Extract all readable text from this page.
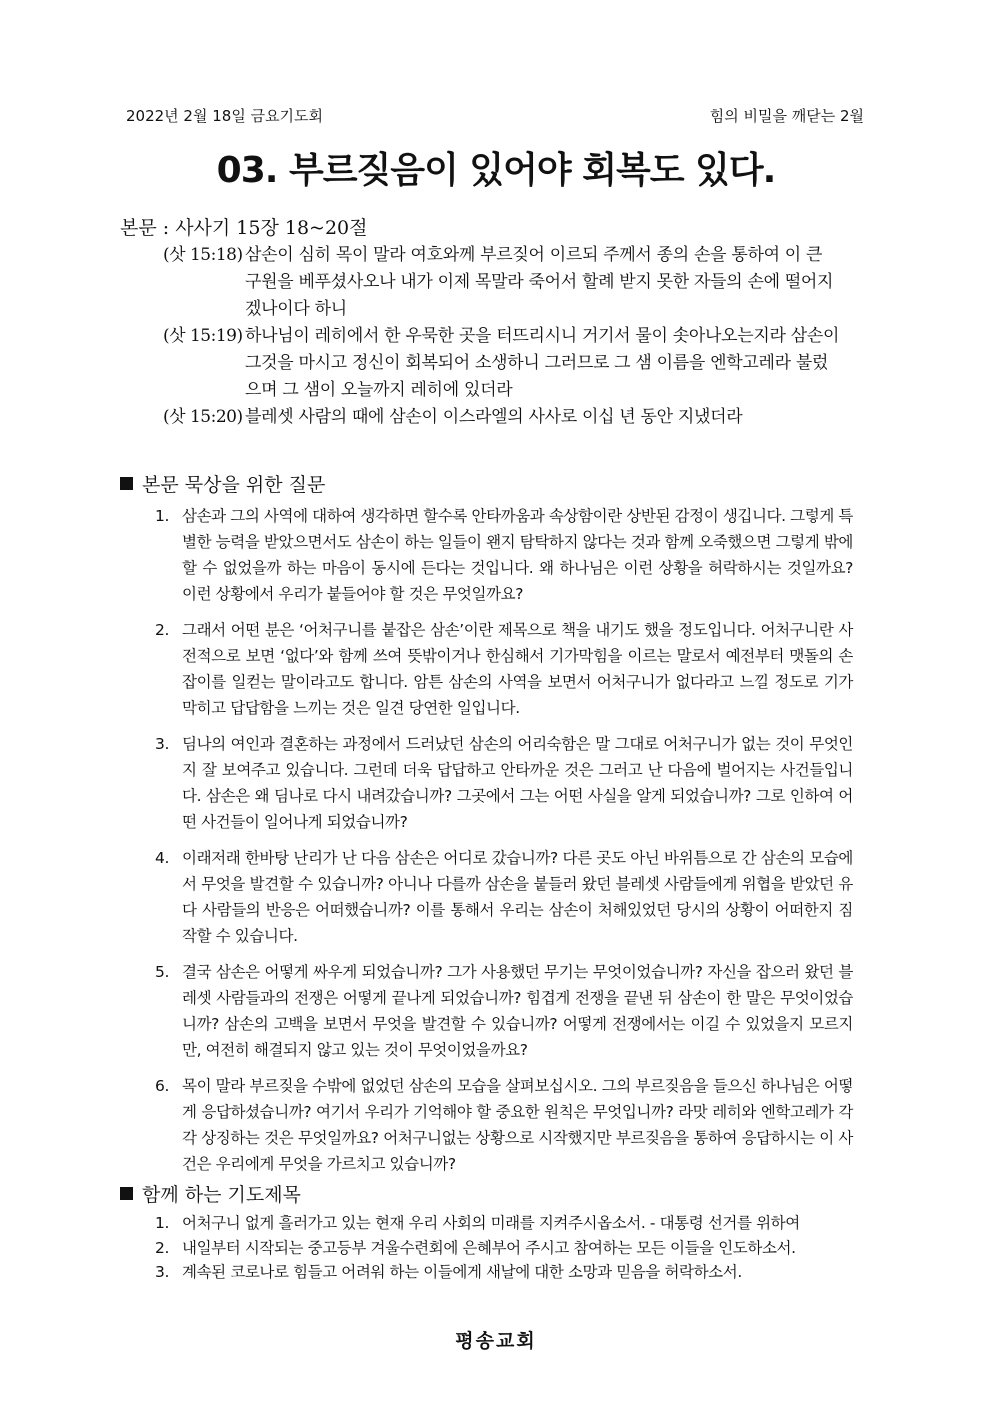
2022년 2월 18일 금요기도회	힘의 비밀을 깨닫는 2월
03. 부르짖음이 있어야 회복도 있다.
본문 : 사사기 15장 18~20절
(삿 15:18) 삼손이 심히 목이 말라 여호와께 부르짖어 이르되 주께서 종의 손을 통하여 이 큰 구원을 베푸셨사오나 내가 이제 목말라 죽어서 할례 받지 못한 자들의 손에 떨어지겠나이다 하니
(삿 15:19) 하나님이 레히에서 한 우묵한 곳을 터뜨리시니 거기서 물이 솟아나오는지라 삼손이 그것을 마시고 정신이 회복되어 소생하니 그러므로 그 샘 이름을 엔학고레라 불렀으며 그 샘이 오늘까지 레히에 있더라
(삿 15:20) 블레셋 사람의 때에 삼손이 이스라엘의 사사로 이십 년 동안 지냈더라
본문 묵상을 위한 질문
1. 삼손과 그의 사역에 대하여 생각하면 할수록 안타까움과 속상함이란 상반된 감정이 생깁니다. 그렇게 특별한 능력을 받았으면서도 삼손이 하는 일들이 왠지 탐탁하지 않다는 것과 함께 오죽했으면 그렇게 밖에 할 수 없었을까 하는 마음이 동시에 든다는 것입니다. 왜 하나님은 이런 상황을 허락하시는 것일까요? 이런 상황에서 우리가 붙들어야 할 것은 무엇일까요?
2. 그래서 어떤 분은 ‘어처구니를 붙잡은 삼손’이란 제목으로 책을 내기도 했을 정도입니다. 어처구니란 사전적으로 보면 ‘없다’와 함께 쓰여 뜻밖이거나 한심해서 기가막힘을 이르는 말로서 예전부터 맷돌의 손잡이를 일컫는 말이라고도 합니다. 암튼 삼손의 사역을 보면서 어처구니가 없다라고 느낄 정도로 기가 막히고 답답함을 느끼는 것은 일견 당연한 일입니다.
3. 딤나의 여인과 결혼하는 과정에서 드러났던 삼손의 어리숙함은 말 그대로 어처구니가 없는 것이 무엇인지 잘 보여주고 있습니다. 그런데 더욱 답답하고 안타까운 것은 그러고 난 다음에 벌어지는 사건들입니다. 삼손은 왜 딤나로 다시 내려갔습니까? 그곳에서 그는 어떤 사실을 알게 되었습니까? 그로 인하여 어떤 사건들이 일어나게 되었습니까?
4. 이래저래 한바탕 난리가 난 다음 삼손은 어디로 갔습니까? 다른 곳도 아닌 바위틈으로 간 삼손의 모습에서 무엇을 발견할 수 있습니까? 아니나 다를까 삼손을 붙들러 왔던 블레셋 사람들에게 위협을 받았던 유다 사람들의 반응은 어떠했습니까? 이를 통해서 우리는 삼손이 처해있었던 당시의 상황이 어떠한지 짐작할 수 있습니다.
5. 결국 삼손은 어떻게 싸우게 되었습니까? 그가 사용했던 무기는 무엇이었습니까? 자신을 잡으러 왔던 블레셋 사람들과의 전쟁은 어떻게 끝나게 되었습니까? 힘겹게 전쟁을 끝낸 뒤 삼손이 한 말은 무엇이었습니까? 삼손의 고백을 보면서 무엇을 발견할 수 있습니까? 어떻게 전쟁에서는 이길 수 있었을지 모르지만, 여전히 해결되지 않고 있는 것이 무엇이었을까요?
6. 목이 말라 부르짖을 수밖에 없었던 삼손의 모습을 살펴보십시오. 그의 부르짖음을 들으신 하나님은 어떻게 응답하셨습니까? 여기서 우리가 기억해야 할 중요한 원칙은 무엇입니까? 라맛 레히와 엔학고레가 각각 상징하는 것은 무엇일까요? 어처구니없는 상황으로 시작했지만 부르짖음을 통하여 응답하시는 이 사건은 우리에게 무엇을 가르치고 있습니까?
함께 하는 기도제목
1. 어처구니 없게 흘러가고 있는 현재 우리 사회의 미래를 지켜주시옵소서. - 대통령 선거를 위하여
2. 내일부터 시작되는 중고등부 겨울수련회에 은혜부어 주시고 참여하는 모든 이들을 인도하소서.
3. 계속된 코로나로 힘들고 어려워 하는 이들에게 새날에 대한 소망과 믿음을 허락하소서.
평송교회
